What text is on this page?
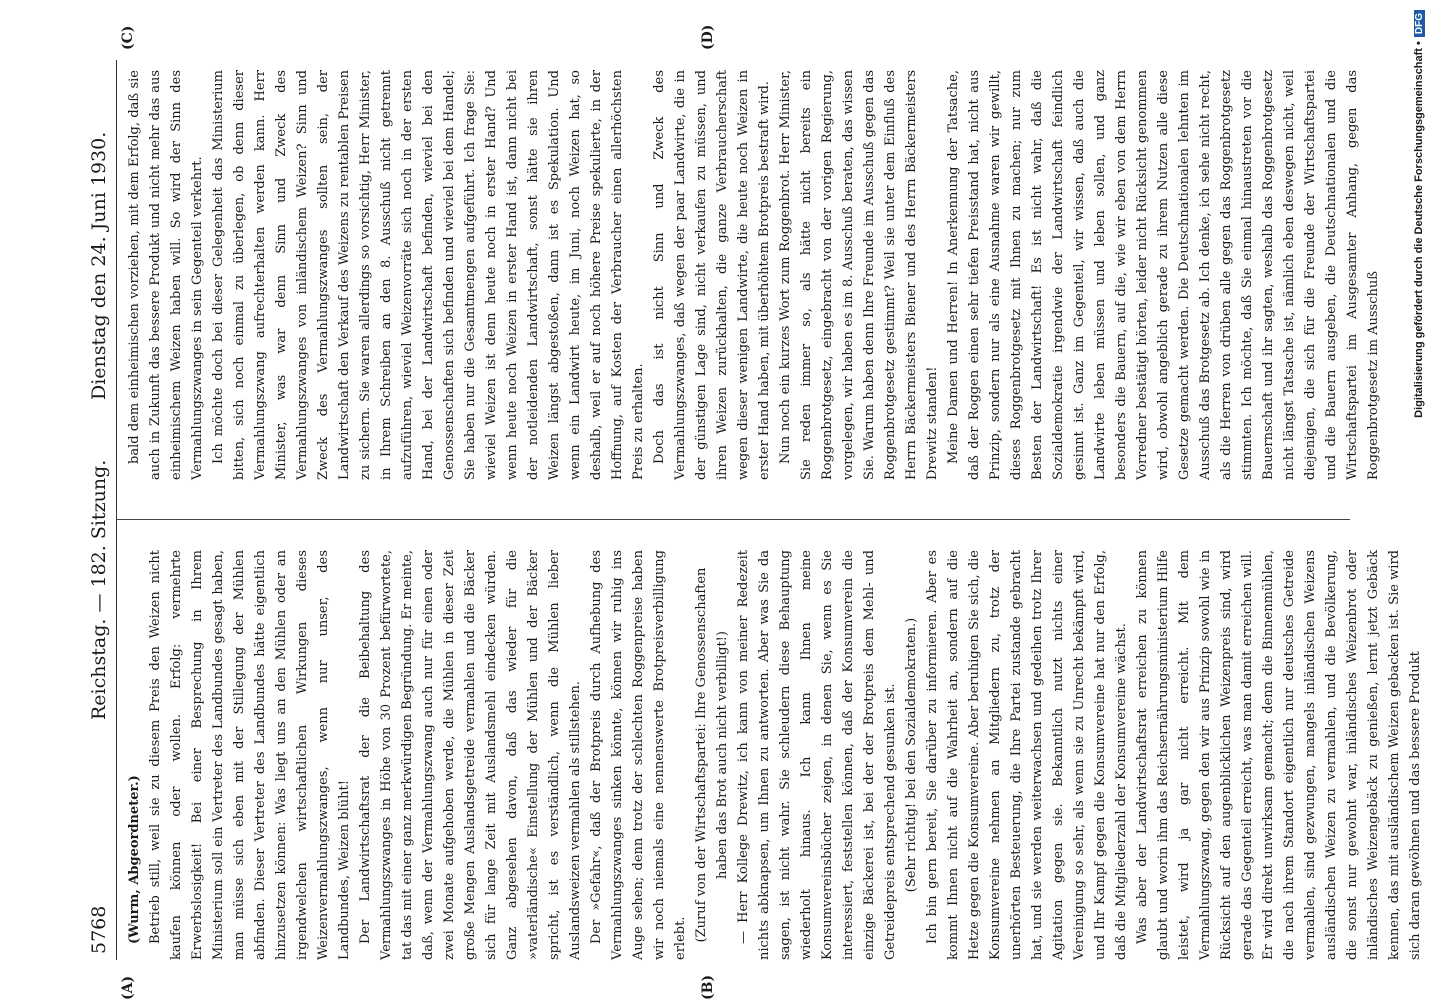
5768
Reichstag. — 182. Sitzung.
Dienstag den 24. Juni 1930.

(Wurm, Abgeordneter.) Betrieb still, weil sie zu diesem Preis den Weizen nicht kaufen können oder wollen. Erfolg: vermehrte Erwerbslosigkeit! Bei einer Besprechung in Ihrem Ministerium soll ein Vertreter des Landbundes gesagt haben, man müsse sich eben mit der Stillegung der Mühlen abfinden. Dieser Vertreter des Landbundes hätte eigentlich hinzusetzen können: Was liegt uns an den Mühlen oder an irgendwelchen wirtschaftlichen Wirkungen dieses Weizenvermahlungszwanges, wenn nur unser, des Landbundes, Weizen blüht! Der Landwirtschaftsrat der die Beibehaltung des Vermahlungszwanges in Höhe von 30 Prozent befürwortete, tat das mit einer ganz merkwürdigen Begründung. Er meinte, daß, wenn der Vermahlungszwang auch nur für einen oder zwei Monate aufgehoben werde, die Mühlen in dieser Zeit große Mengen Auslandsgetreide vermahlen und die Bäcker sich für lange Zeit mit Auslandsmehl eindecken würden. Ganz abgesehen davon, daß das wieder für die »vaterländische« Einstellung der Mühlen und der Bäcker spricht, ist es verständlich, wenn die Mühlen lieber Auslandsweizen vermahlen als stillstehen. Der »Gefahr«, daß der Brotpreis durch Aufhebung des Vermahlungszwanges sinken könnte, können wir ruhig ins Auge sehen; denn trotz der schlechten Roggenpreise haben wir noch niemals eine nennenswerte Brotpreisverbilligung erlebt. (Zuruf von der Wirtschaftspartei: Ihre Genossenschaften haben das Brot auch nicht verbilligt!) — Herr Kollege Drewitz, ich kann von meiner Redezeit nichts abknapsen, um Ihnen zu antworten. Aber was Sie da sagen, ist nicht wahr. Sie schleudern diese Behauptung wiederholt hinaus. Ich kann Ihnen meine Konsumvereinsbücher zeigen, in denen Sie, wenn es Sie interessiert, feststellen können, daß der Konsumverein die einzige Bäckerei ist, bei der der Brotpreis dem Mehl- und Getreidepreis entsprechend gesunken ist. (Sehr richtig! bei den Sozialdemokraten.) Ich bin gern bereit, Sie darüber zu informieren. Aber es kommt Ihnen nicht auf die Wahrheit an, sondern auf die Hetze gegen die Konsumvereine. Aber beruhigen Sie sich, die Konsumvereine nehmen an Mitgliedern zu, trotz der unerhörten Besteuerung, die Ihre Partei zustande gebracht hat, und sie werden weiterwachsen und gedeihen trotz Ihrer Agitation gegen sie. Bekanntlich nutzt nichts einer Vereinigung so sehr, als wenn sie zu Unrecht bekämpft wird, und Ihr Kampf gegen die Konsumvereine hat nur den Erfolg, daß die Mitgliederzahl der Konsumvereine wächst. Was aber der Landwirtschaftsrat erreichen zu können glaubt und worin ihm das Reichsernährungsministerium Hilfe leistet, wird ja gar nicht erreicht. Mit dem Vermahlungszwang, gegen den wir aus Prinzip sowohl wie in Rücksicht auf den augenblicklichen Weizenpreis sind, wird gerade das Gegenteil erreicht, was man damit erreichen will. Er wird direkt unwirksam gemacht; denn die Binnenmühlen, die nach ihrem Standort eigentlich nur deutsches Getreide vermahlen, sind gezwungen, mangels inländischen Weizens ausländischen Weizen zu vermahlen, und die Bevölkerung, die sonst nur gewohnt war, inländisches Weizenbrot oder inländisches Weizengebäck zu genießen, lernt jetzt Gebäck kennen, das mit ausländischem Weizen gebacken ist. Sie wird sich daran gewöhnen und das bessere Produkt

bald dem einheimischen vorziehen, mit dem Erfolg, daß sie auch in Zukunft das bessere Produkt und nicht mehr das aus einheimischem Weizen haben will. So wird der Sinn des Vermahlungszwanges in sein Gegenteil verkehrt. Ich möchte doch bei dieser Gelegenheit das Ministerium bitten, sich noch einmal zu überlegen, ob denn dieser Vermahlungszwang aufrechterhalten werden kann. Herr Minister, was war denn Sinn und Zweck des Vermahlungszwanges von inländischem Weizen? Sinn und Zweck des Vermahlungszwanges sollten sein, der Landwirtschaft den Verkauf des Weizens zu rentablen Preisen zu sichern. Sie waren allerdings so vorsichtig, Herr Minister, in Ihrem Schreiben an den 8. Ausschuß nicht getrennt aufzuführen, wieviel Weizenvorräte sich noch in der ersten Hand, bei der Landwirtschaft befinden, wieviel bei den Genossenschaften sich befinden und wieviel bei dem Handel; Sie haben nur die Gesamtmengen aufgeführt. Ich frage Sie: wieviel Weizen ist denn heute noch in erster Hand? Und wenn heute noch Weizen in erster Hand ist, dann nicht bei der notleidenden Landwirtschaft, sonst hätte sie ihren Weizen längst abgestoßen, dann ist es Spekulation. Und wenn ein Landwirt heute, im Juni, noch Weizen hat, so deshalb, weil er auf noch höhere Preise spekulierte, in der Hoffnung, auf Kosten der Verbraucher einen allerhöchsten Preis zu erhalten. Doch das ist nicht Sinn und Zweck des Vermahlungszwanges, daß wegen der paar Landwirte, die in der günstigen Lage sind, nicht verkaufen zu müssen, und ihren Weizen zurückhalten, die ganze Verbraucherschaft wegen dieser wenigen Landwirte, die heute noch Weizen in erster Hand haben, mit überhöhtem Brotpreis bestraft wird. Nun noch ein kurzes Wort zum Roggenbrot. Herr Minister, Sie reden immer so, als hätte nicht bereits ein Roggenbrotgesetz, eingebracht von der vorigen Regierung, vorgelegen, wir haben es im 8. Ausschuß beraten, das wissen Sie. Warum haben denn Ihre Freunde im Ausschuß gegen das Roggenbrotgesetz gestimmt? Weil sie unter dem Einfluß des Herrn Bäckermeisters Biener und des Herrn Bäckermeisters Drewitz standen! Meine Damen und Herren! In Anerkennung der Tatsache, daß der Roggen einen sehr tiefen Preisstand hat, nicht aus Prinzip, sondern nur als eine Ausnahme waren wir gewillt, dieses Roggenbrotgesetz mit Ihnen zu machen; nur zum Besten der Landwirtschaft! Es ist nicht wahr, daß die Sozialdemokratie irgendwie der Landwirtschaft feindlich gesinnt ist. Ganz im Gegenteil, wir wissen, daß auch die Landwirte leben müssen und leben sollen, und ganz besonders die Bauern, auf die, wie wir eben von dem Herrn Vorredner bestätigt hörten, leider nicht Rücksicht genommen wird, obwohl angeblich gerade zu ihrem Nutzen alle diese Gesetze gemacht werden. Die Deutschnationalen lehnten im Ausschuß das Brotgesetz ab. Ich denke, ich sehe nicht recht, als die Herren von drüben alle gegen das Roggenbrotgesetz stimmten. Ich möchte, daß Sie einmal hinaustreten vor die Bauernschaft und ihr sagten, weshalb das Roggenbrotgesetz nicht längst Tatsache ist, nämlich eben deswegen nicht, weil diejenigen, die sich für die Freunde der Wirtschaftspartei und die Bauern ausgeben, die Deutschnationalen und die Wirtschaftspartei im Ausgesamter Anhang, gegen das Roggenbrotgesetz im Ausschuß

(A)	(B)
(C)	(D)
Digitalisierung gefördert durch die Deutsche Forschungsgemeinschaft •DFG
